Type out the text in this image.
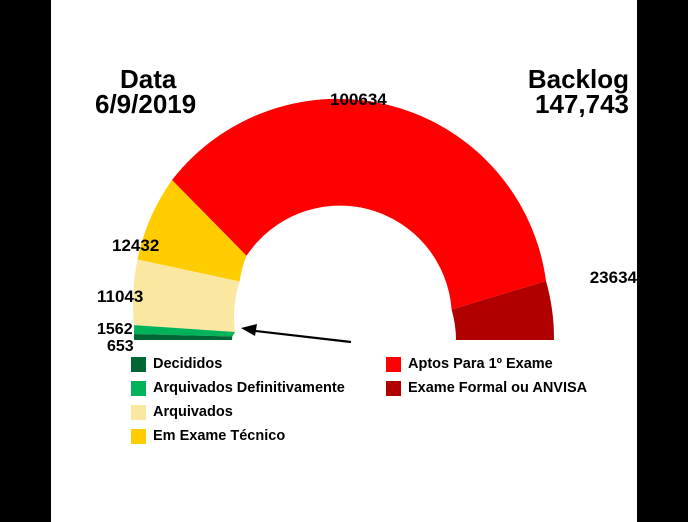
Data
6/9/2019
Backlog
147,743
100634
23634
12432
11043
1562
653
Decididos
Arquivados Definitivamente
Arquivados
Em Exame Técnico
Aptos Para 1º Exame
Exame Formal ou ANVISA
